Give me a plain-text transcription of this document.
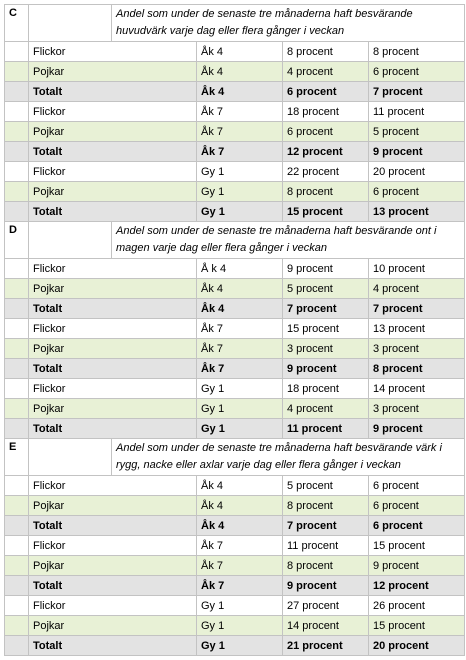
C		Andel som under de senaste tre månaderna haft besvärande huvudvärk varje dag eller flera gånger i veckan			
	Flickor		Åk 4	8 procent	8 procent
	Pojkar		Åk 4	4 procent	6 procent
	Totalt		Åk 4	6 procent	7 procent
	Flickor		Åk 7	18 procent	11 procent
	Pojkar		Åk 7	6 procent	5 procent
	Totalt		Åk 7	12 procent	9 procent
	Flickor		Gy 1	22 procent	20 procent
	Pojkar		Gy 1	8 procent	6 procent
	Totalt		Gy 1	15 procent	13 procent
D		Andel som under de senaste tre månaderna haft besvärande ont i magen varje dag eller flera gånger i veckan			
	Flickor		Å k 4	9 procent	10 procent
	Pojkar		Åk 4	5 procent	4 procent
	Totalt		Åk 4	7 procent	7 procent
	Flickor		Åk 7	15 procent	13 procent
	Pojkar		Åk 7	3 procent	3 procent
	Totalt		Åk 7	9 procent	8 procent
	Flickor		Gy 1	18 procent	14 procent
	Pojkar		Gy 1	4 procent	3 procent
	Totalt		Gy 1	11 procent	9 procent
E		Andel som under de senaste tre månaderna haft besvärande värk i rygg, nacke eller axlar varje dag eller flera gånger i veckan			
	Flickor		Åk 4	5 procent	6 procent
	Pojkar		Åk 4	8 procent	6 procent
	Totalt		Åk 4	7 procent	6 procent
	Flickor		Åk 7	11 procent	15 procent
	Pojkar		Åk 7	8 procent	9 procent
	Totalt		Åk 7	9 procent	12 procent
	Flickor		Gy 1	27 procent	26 procent
	Pojkar		Gy 1	14 procent	15 procent
	Totalt		Gy 1	21 procent	20 procent
